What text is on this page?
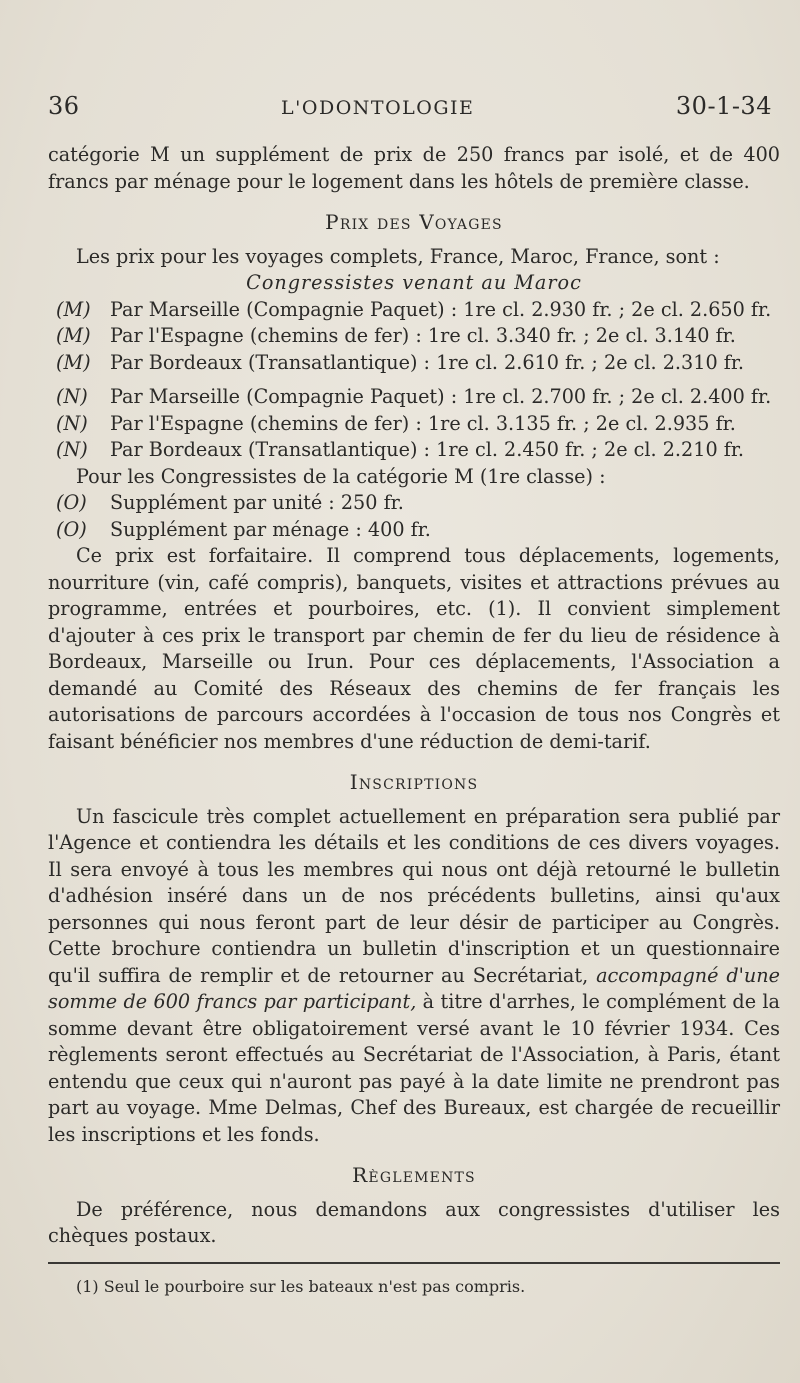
36	L'ODONTOLOGIE	30-1-34

catégorie M un supplément de prix de 250 francs par isolé, et de 400 francs par ménage pour le logement dans les hôtels de première classe.

Prix des Voyages

Les prix pour les voyages complets, France, Maroc, France, sont :

Congressistes venant au Maroc
(M) Par Marseille (Compagnie Paquet) : 1re cl. 2.930 fr. ; 2e cl. 2.650 fr.
(M) Par l'Espagne (chemins de fer) : 1re cl. 3.340 fr. ; 2e cl. 3.140 fr.
(M) Par Bordeaux (Transatlantique) : 1re cl. 2.610 fr. ; 2e cl. 2.310 fr.
(N) Par Marseille (Compagnie Paquet) : 1re cl. 2.700 fr. ; 2e cl. 2.400 fr.
(N) Par l'Espagne (chemins de fer) : 1re cl. 3.135 fr. ; 2e cl. 2.935 fr.
(N) Par Bordeaux (Transatlantique) : 1re cl. 2.450 fr. ; 2e cl. 2.210 fr.

Pour les Congressistes de la catégorie M (1re classe) :

(O) Supplément par unité : 250 fr.
(O) Supplément par ménage : 400 fr.

Ce prix est forfaitaire. Il comprend tous déplacements, logements, nourriture (vin, café compris), banquets, visites et attractions prévues au programme, entrées et pourboires, etc. (1). Il convient simplement d'ajouter à ces prix le transport par chemin de fer du lieu de résidence à Bordeaux, Marseille ou Irun. Pour ces déplacements, l'Association a demandé au Comité des Réseaux des chemins de fer français les autorisations de parcours accordées à l'occasion de tous nos Congrès et faisant bénéficier nos membres d'une réduction de demi-tarif.

Inscriptions

Un fascicule très complet actuellement en préparation sera publié par l'Agence et contiendra les détails et les conditions de ces divers voyages. Il sera envoyé à tous les membres qui nous ont déjà retourné le bulletin d'adhésion inséré dans un de nos précédents bulletins, ainsi qu'aux personnes qui nous feront part de leur désir de participer au Congrès. Cette brochure contiendra un bulletin d'inscription et un questionnaire qu'il suffira de remplir et de retourner au Secrétariat, accompagné d'une somme de 600 francs par participant, à titre d'arrhes, le complément de la somme devant être obligatoirement versé avant le 10 février 1934. Ces règlements seront effectués au Secrétariat de l'Association, à Paris, étant entendu que ceux qui n'auront pas payé à la date limite ne prendront pas part au voyage. Mme Delmas, Chef des Bureaux, est chargée de recueillir les inscriptions et les fonds.

Règlements

De préférence, nous demandons aux congressistes d'utiliser les chèques postaux.

(1) Seul le pourboire sur les bateaux n'est pas compris.
